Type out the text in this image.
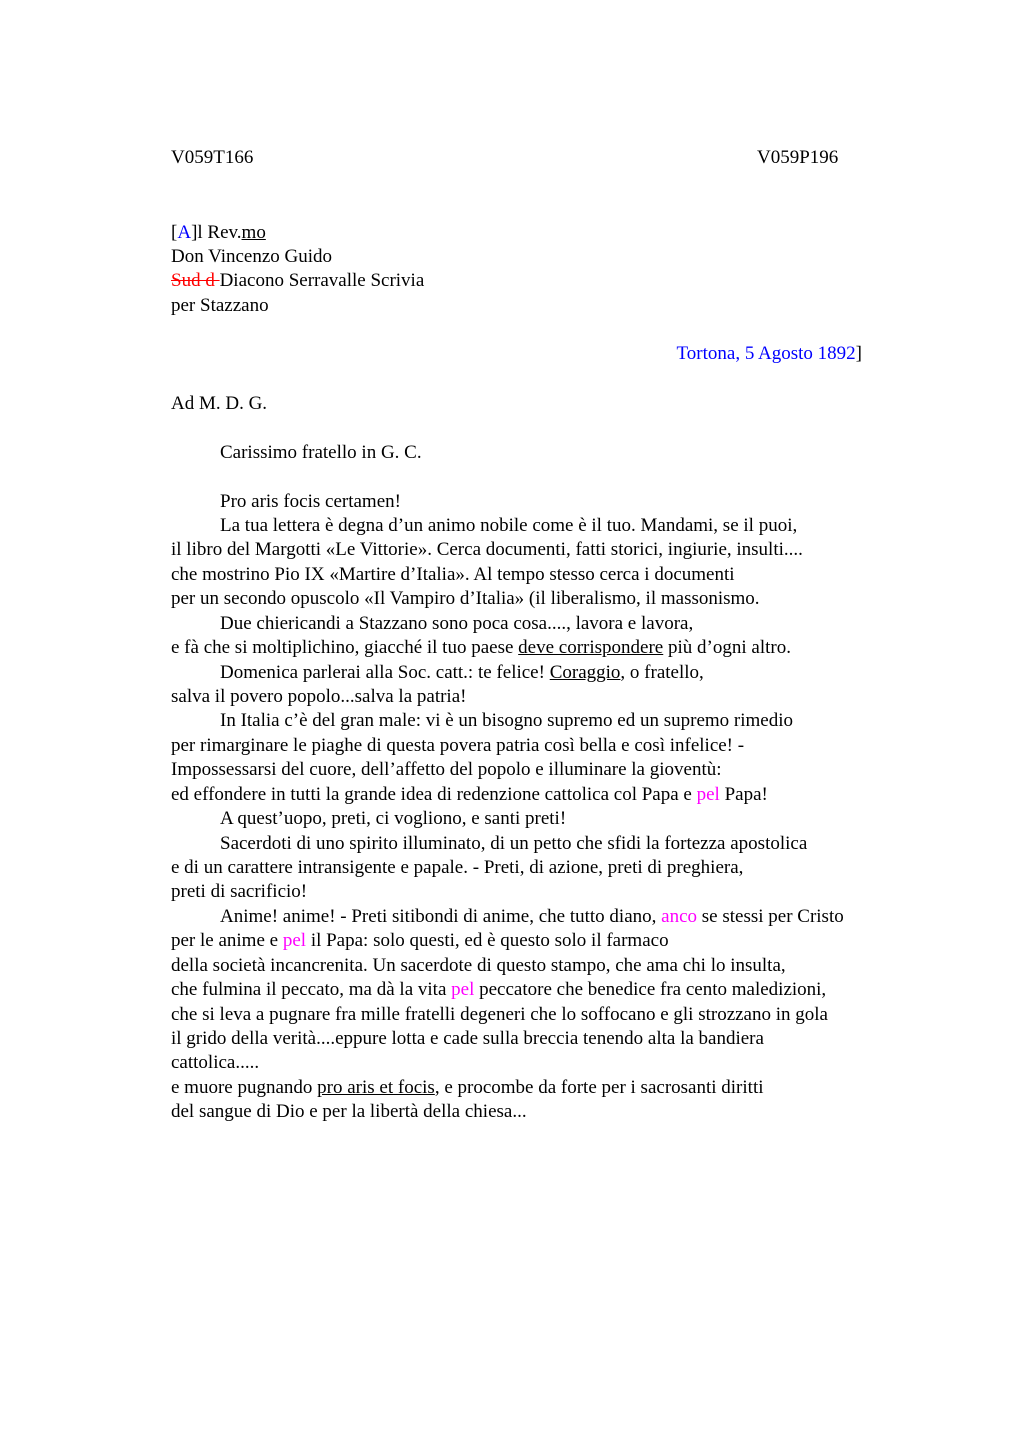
V059T166	V059P196
[A]l Rev.mo
Don Vincenzo Guido
Sud d Diacono Serravalle Scrivia
per Stazzano
Tortona, 5 Agosto 1892]
Ad M. D. G.
Carissimo fratello in G. C.
Pro aris focis certamen!
La tua lettera è degna d’un animo nobile come è il tuo. Mandami, se il puoi,
il libro del Margotti «Le Vittorie». Cerca documenti, fatti storici, ingiurie, insulti....
che mostrino Pio IX «Martire d’Italia». Al tempo stesso cerca i documenti
per un secondo opuscolo «Il Vampiro d’Italia» (il liberalismo, il massonismo.
Due chiericandi a Stazzano sono poca cosa...., lavora e lavora,
e fà che si moltiplichino, giacché il tuo paese deve corrispondere più d’ogni altro.
Domenica parlerai alla Soc. catt.: te felice! Coraggio, o fratello,
salva il povero popolo...salva la patria!
In Italia c’è del gran male: vi è un bisogno supremo ed un supremo rimedio
per rimarginare le piaghe di questa povera patria così bella e così infelice! -
Impossessarsi del cuore, dell’affetto del popolo e illuminare la gioventù:
ed effondere in tutti la grande idea di redenzione cattolica col Papa e pel Papa!
A quest’uopo, preti, ci vogliono, e santi preti!
Sacerdoti di uno spirito illuminato, di un petto che sfidi la fortezza apostolica
e di un carattere intransigente e papale. - Preti, di azione, preti di preghiera,
preti di sacrificio!
Anime! anime! - Preti sitibondi di anime, che tutto diano, anco se stessi per Cristo
per le anime e pel il Papa: solo questi, ed è questo solo il farmaco
della società incancrenita. Un sacerdote di questo stampo, che ama chi lo insulta,
che fulmina il peccato, ma dà la vita pel peccatore che benedice fra cento maledizioni,
che si leva a pugnare fra mille fratelli degeneri che lo soffocano e gli strozzano in gola
il grido della verità....eppure lotta e cade sulla breccia tenendo alta la bandiera
cattolica.....
e muore pugnando pro aris et focis, e procombe da forte per i sacrosanti diritti
del sangue di Dio e per la libertà della chiesa...
